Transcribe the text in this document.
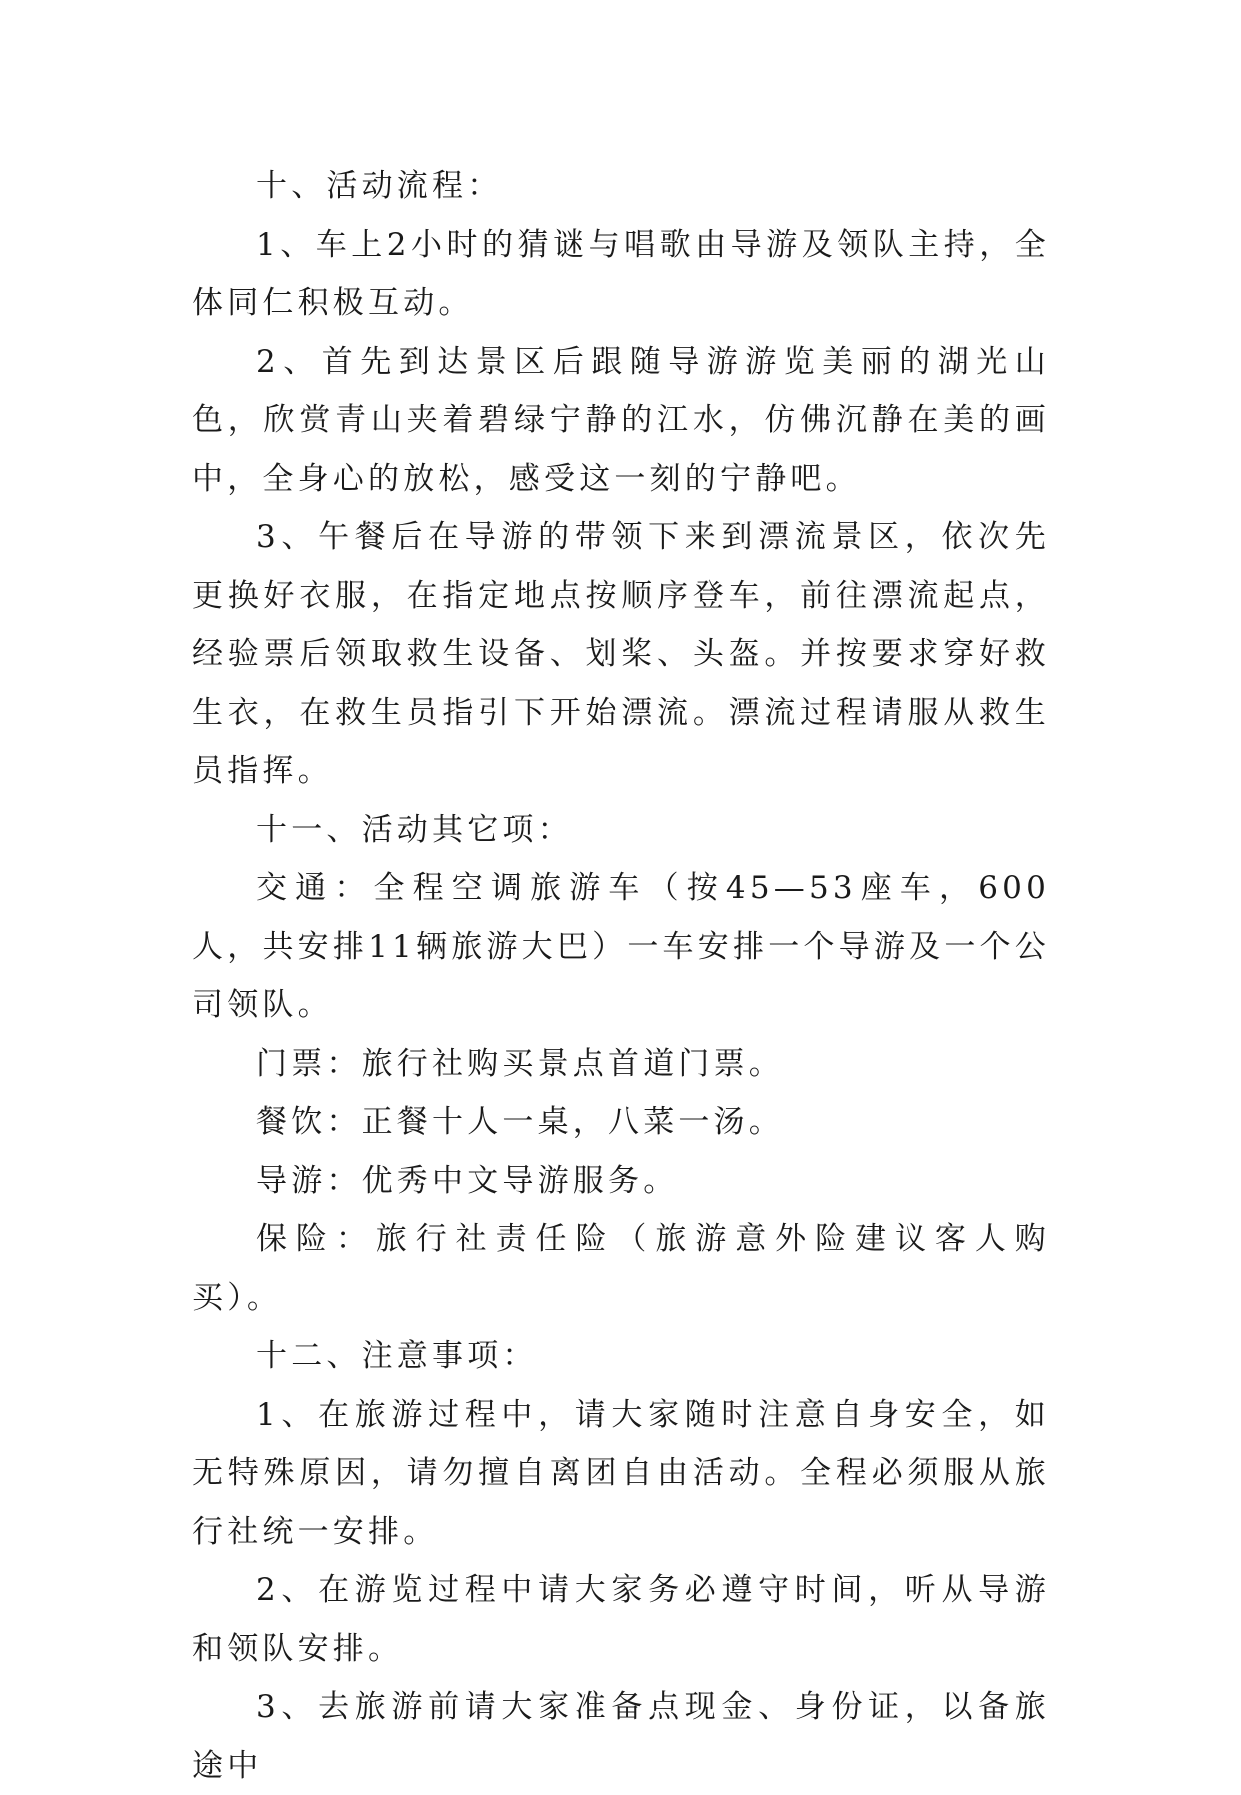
十、活动流程：

1、车上2小时的猜谜与唱歌由导游及领队主持，全体同仁积极互动。

2、首先到达景区后跟随导游游览美丽的湖光山色，欣赏青山夹着碧绿宁静的江水，仿佛沉静在美的画中，全身心的放松，感受这一刻的宁静吧。

3、午餐后在导游的带领下来到漂流景区，依次先更换好衣服，在指定地点按顺序登车，前往漂流起点，经验票后领取救生设备、划桨、头盔。并按要求穿好救生衣，在救生员指引下开始漂流。漂流过程请服从救生员指挥。

十一、活动其它项：

交通：全程空调旅游车（按45—53座车，600人，共安排11辆旅游大巴）一车安排一个导游及一个公司领队。

门票：旅行社购买景点首道门票。

餐饮：正餐十人一桌，八菜一汤。

导游：优秀中文导游服务。

保险：旅行社责任险（旅游意外险建议客人购买）。

十二、注意事项：

1、在旅游过程中，请大家随时注意自身安全，如无特殊原因，请勿擅自离团自由活动。全程必须服从旅行社统一安排。

2、在游览过程中请大家务必遵守时间，听从导游和领队安排。

3、去旅游前请大家准备点现金、身份证，以备旅途中
